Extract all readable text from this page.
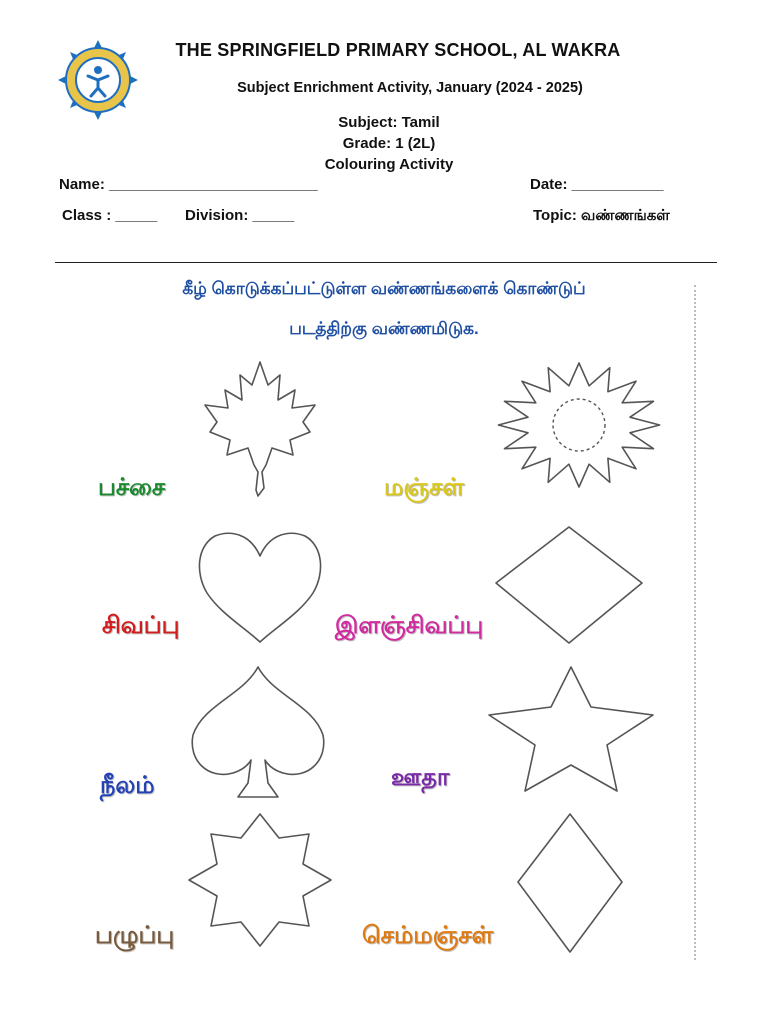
THE SPRINGFIELD PRIMARY SCHOOL, AL WAKRA
Subject Enrichment Activity, January (2024 - 2025)
Subject: Tamil
Grade: 1 (2L)
Colouring Activity
Name: _________________________	Date: ___________
Class : _____ Division: _____	Topic: வண்ணங்கள்
கீழ் கொடுக்கப்பட்டுள்ள வண்ணங்களைக் கொண்டுப்
படத்திற்கு வண்ணமிடுக.
பச்சை	மஞ்சள்
சிவப்பு	இளஞ்சிவப்பு
நீலம்	ஊதா
பழுப்பு	செம்மஞ்சள்
